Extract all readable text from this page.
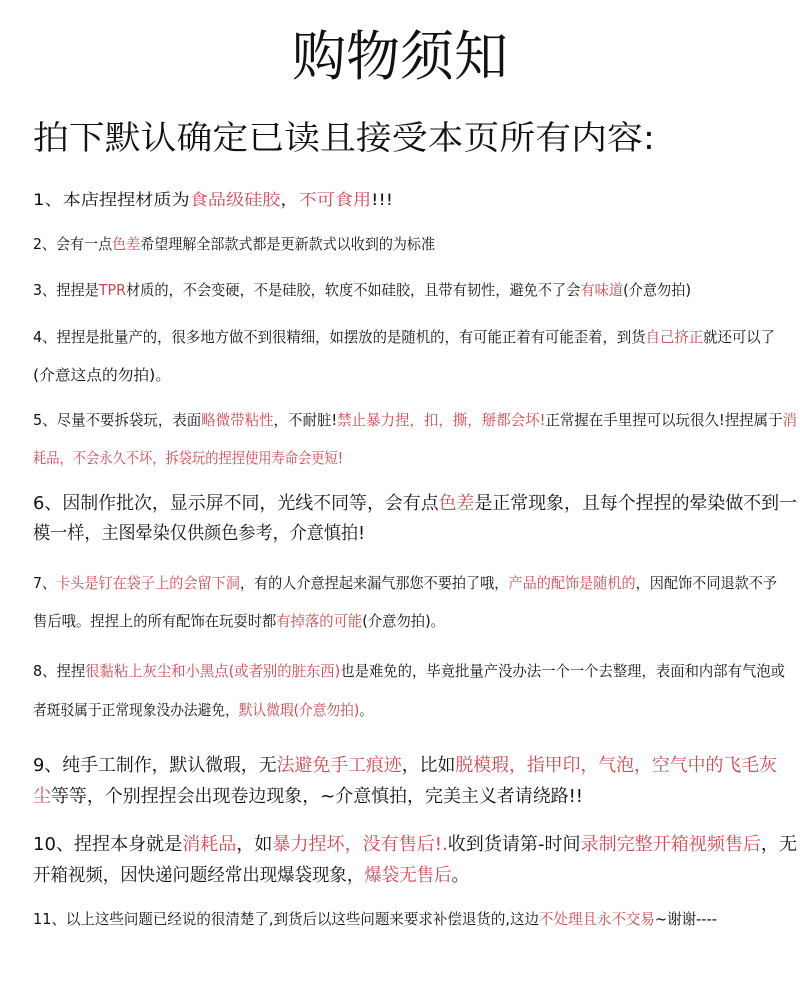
购物须知
拍下默认确定已读且接受本页所有内容:
1、本店捏捏材质为食品级硅胶，不可食用!!!
2、会有一点色差希望理解全部款式都是更新款式以收到的为标准
3、捏捏是TPR材质的，不会变硬，不是硅胶，软度不如硅胶，且带有韧性，避免不了会有味道(介意勿拍)
4、捏捏是批量产的，很多地方做不到很精细，如摆放的是随机的，有可能正着有可能歪着，到货自己挤正就还可以了
(介意这点的勿拍)。
5、尽量不要拆袋玩，表面略微带粘性，不耐脏!禁止暴力捏，扣，撕，掰都会坏!正常握在手里捏可以玩很久!捏捏属于消
耗品，不会永久不坏，拆袋玩的捏捏使用寿命会更短!
6、因制作批次，显示屏不同，光线不同等，会有点色差是正常现象，且每个捏捏的晕染做不到一
模一样，主图晕染仅供颜色参考，介意慎拍!
7、卡头是钉在袋子上的会留下洞，有的人介意捏起来漏气那您不要拍了哦，产品的配饰是随机的，因配饰不同退款不予
售后哦。捏捏上的所有配饰在玩耍时都有掉落的可能(介意勿拍)。
8、捏捏很黏粘上灰尘和小黑点(或者别的脏东西)也是难免的，毕竟批量产没办法一个一个去整理，表面和内部有气泡或
者斑驳属于正常现象没办法避免，默认微瑕(介意勿拍)。
9、纯手工制作，默认微瑕，无法避免手工痕迹，比如脱模瑕，指甲印，气泡，空气中的飞毛灰
尘等等，个别捏捏会出现卷边现象，~介意慎拍，完美主义者请绕路!!
10、捏捏本身就是消耗品，如暴力捏坏，没有售后!.收到货请第-时间录制完整开箱视频售后，无
开箱视频，因快递问题经常出现爆袋现象，爆袋无售后。
11、以上这些问题已经说的很清楚了,到货后以这些问题来要求补偿退货的,这边不处理且永不交易~谢谢----
